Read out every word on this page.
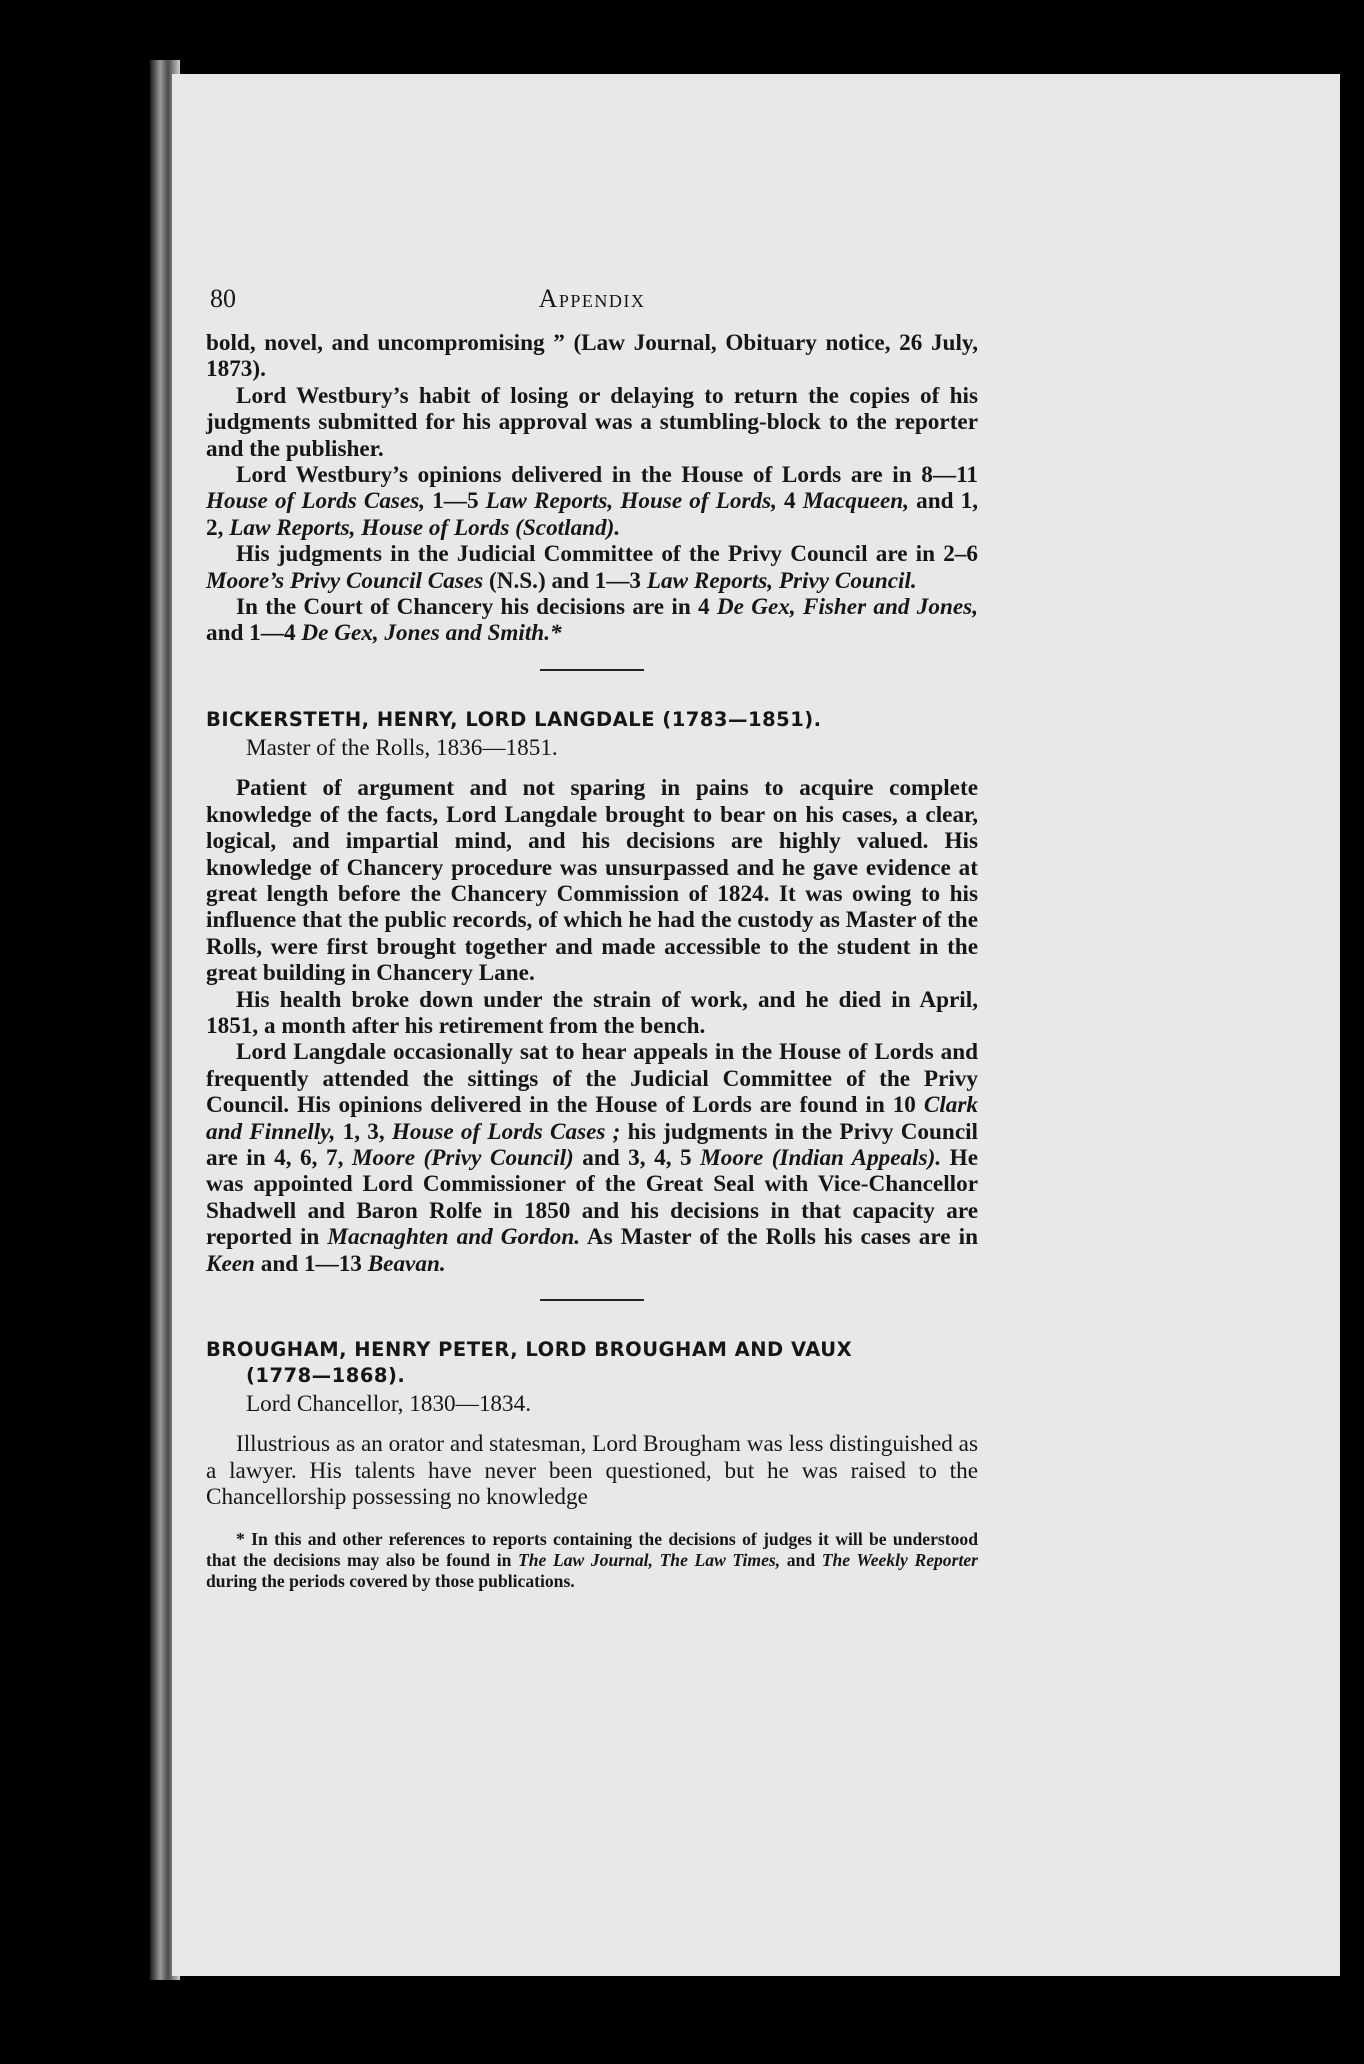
80	Appendix

bold, novel, and uncompromising ” (Law Journal, Obituary notice, 26 July, 1873).

Lord Westbury’s habit of losing or delaying to return the copies of his judgments submitted for his approval was a stumbling-block to the reporter and the publisher.

Lord Westbury’s opinions delivered in the House of Lords are in 8—11 House of Lords Cases, 1—5 Law Reports, House of Lords, 4 Macqueen, and 1, 2, Law Reports, House of Lords (Scotland).

His judgments in the Judicial Committee of the Privy Council are in 2–6 Moore’s Privy Council Cases (N.S.) and 1—3 Law Reports, Privy Council.

In the Court of Chancery his decisions are in 4 De Gex, Fisher and Jones, and 1—4 De Gex, Jones and Smith.*

BICKERSTETH, HENRY, LORD LANGDALE (1783—1851).
Master of the Rolls, 1836—1851.

Patient of argument and not sparing in pains to acquire complete knowledge of the facts, Lord Langdale brought to bear on his cases, a clear, logical, and impartial mind, and his decisions are highly valued. His knowledge of Chancery procedure was unsurpassed and he gave evidence at great length before the Chancery Commission of 1824. It was owing to his influence that the public records, of which he had the custody as Master of the Rolls, were first brought together and made accessible to the student in the great building in Chancery Lane.

His health broke down under the strain of work, and he died in April, 1851, a month after his retirement from the bench.

Lord Langdale occasionally sat to hear appeals in the House of Lords and frequently attended the sittings of the Judicial Committee of the Privy Council. His opinions delivered in the House of Lords are found in 10 Clark and Finnelly, 1, 3, House of Lords Cases ; his judgments in the Privy Council are in 4, 6, 7, Moore (Privy Council) and 3, 4, 5 Moore (Indian Appeals). He was appointed Lord Commissioner of the Great Seal with Vice-Chancellor Shadwell and Baron Rolfe in 1850 and his decisions in that capacity are reported in Macnaghten and Gordon. As Master of the Rolls his cases are in Keen and 1—13 Beavan.

BROUGHAM, HENRY PETER, LORD BROUGHAM AND VAUX
(1778—1868).
Lord Chancellor, 1830—1834.

Illustrious as an orator and statesman, Lord Brougham was less distinguished as a lawyer. His talents have never been questioned, but he was raised to the Chancellorship possessing no knowledge

* In this and other references to reports containing the decisions of judges it will be understood that the decisions may also be found in The Law Journal, The Law Times, and The Weekly Reporter during the periods covered by those publications.
